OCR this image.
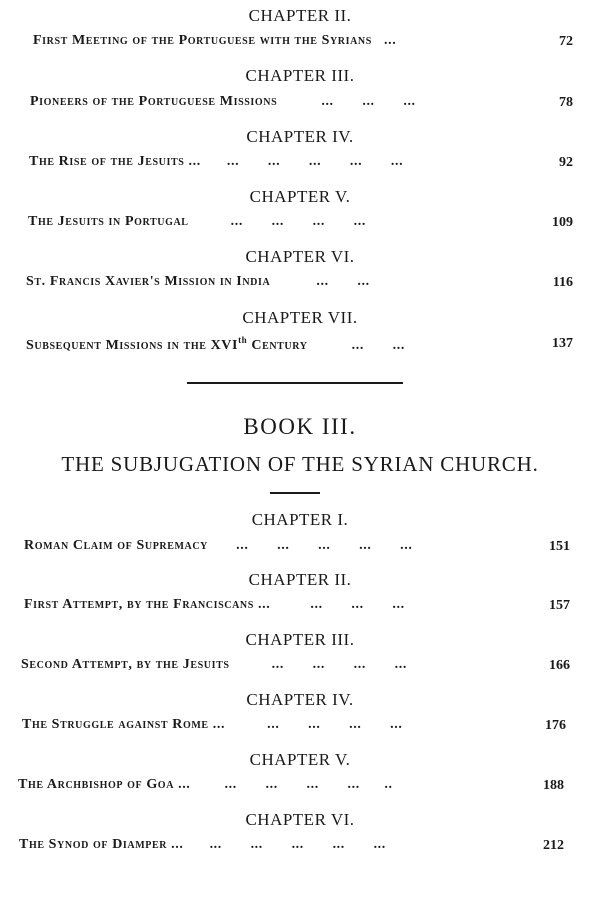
CHAPTER II.
First Meeting of the Portuguese with the Syrians ...	72
CHAPTER III.
Pioneers of the Portuguese Missions	...       ...       ...	78
CHAPTER IV.
The Rise of the Jesuits ... ...       ...       ...       ...       ...	92
CHAPTER V.
The Jesuits in Portugal	...       ...       ...       ...	109
CHAPTER VI.
St. Francis Xavier's Mission in India	...       ...	116
CHAPTER VII.
Subsequent Missions in the XVIth Century	...       ...	137
BOOK III.
THE SUBJUGATION OF THE SYRIAN CHURCH.
CHAPTER I.
Roman Claim of Supremacy ...       ...       ...       ...       ...	151
CHAPTER II.
First Attempt, by the Franciscans ...	...       ...       ...	157
CHAPTER III.
Second Attempt, by the Jesuits	...       ...       ...       ...	166
CHAPTER IV.
The Struggle against Rome ...	...       ...       ...       ...	176
CHAPTER V.
The Archbishop of Goa ... ...       ...       ...       ...      ..	188
CHAPTER VI.
The Synod of Diamper ... ...       ...       ...       ...       ...	212
